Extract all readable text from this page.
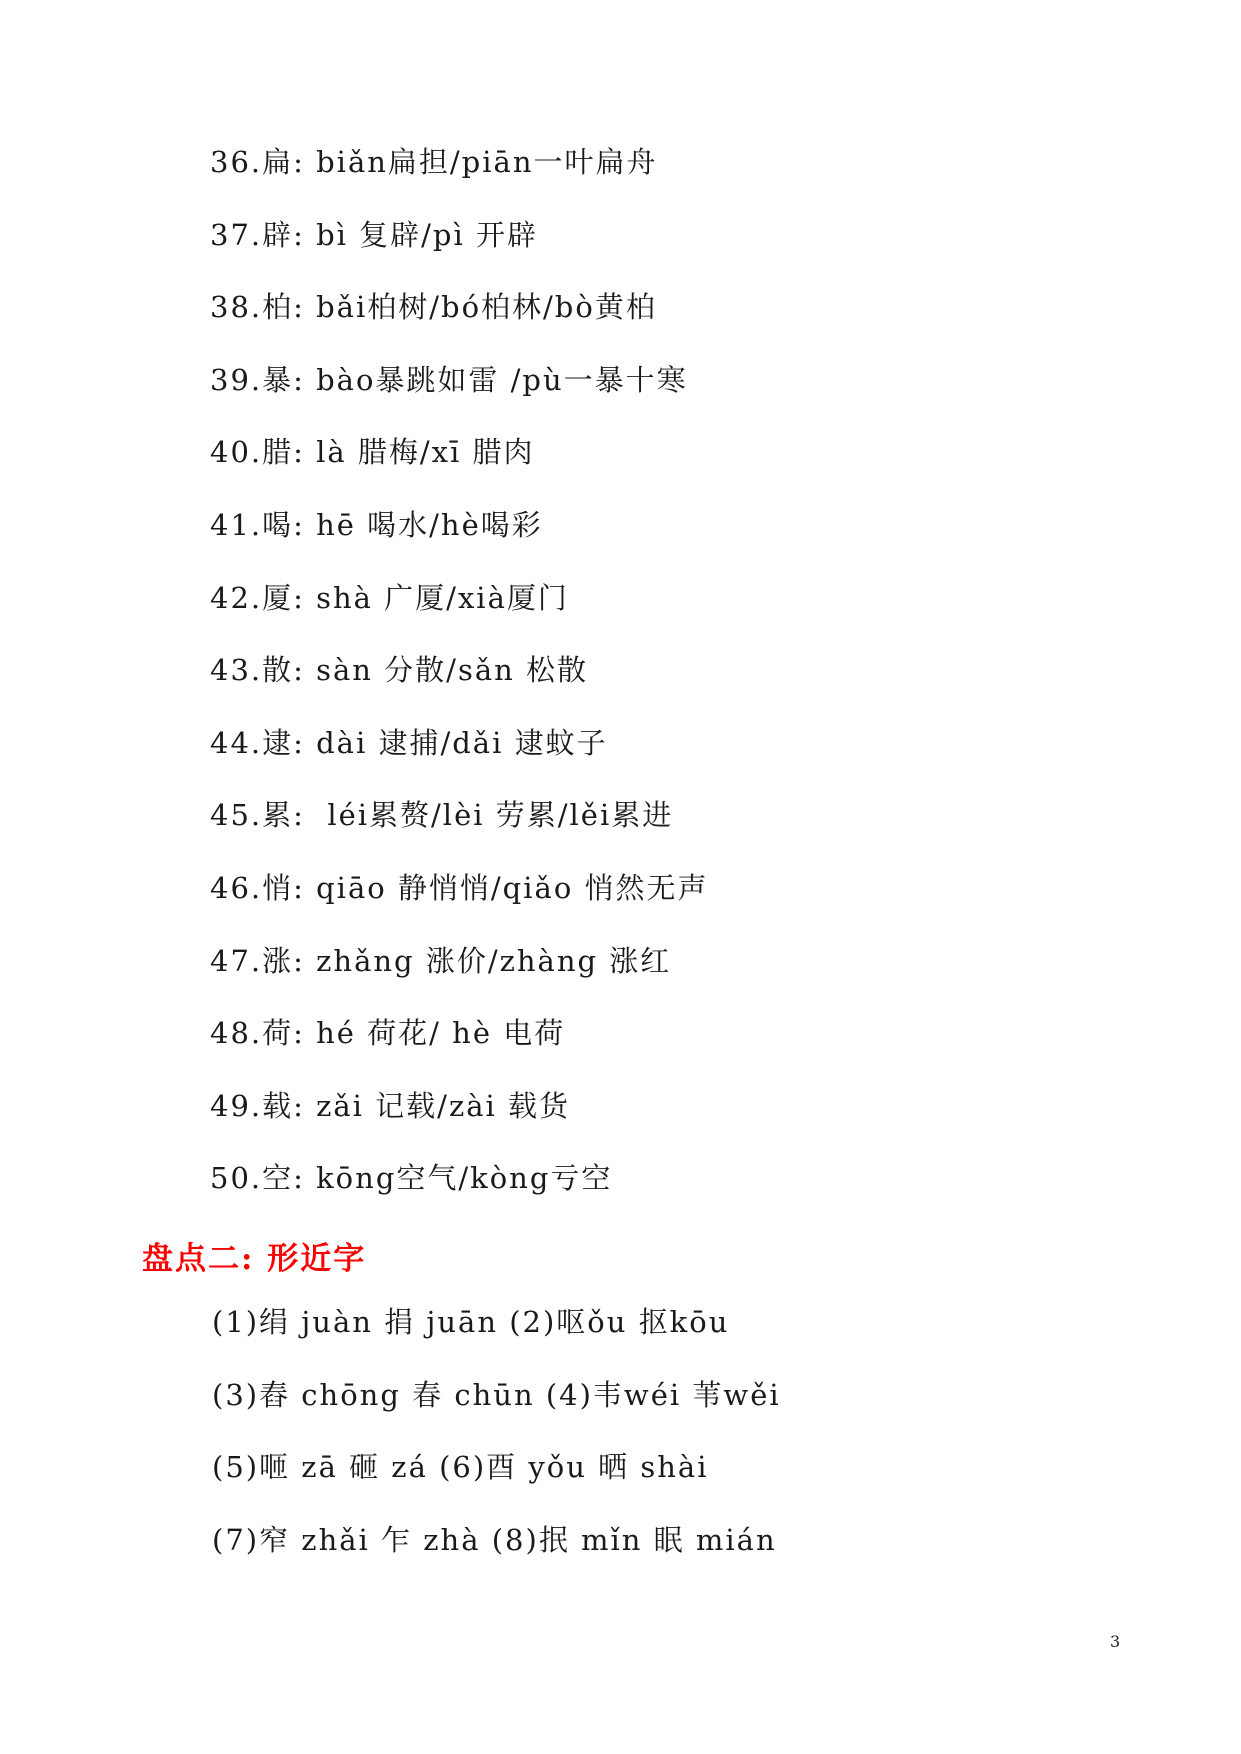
36.扁: biǎn扁担/piān一叶扁舟
37.辟: bì 复辟/pì 开辟
38.柏: bǎi柏树/bó柏林/bò黄柏
39.暴: bào暴跳如雷 /pù一暴十寒
40.腊: là 腊梅/xī 腊肉
41.喝: hē 喝水/hè喝彩
42.厦: shà 广厦/xià厦门
43.散: sàn 分散/sǎn 松散
44.逮: dài 逮捕/dǎi 逮蚊子
45.累:  léi累赘/lèi 劳累/lěi累进
46.悄: qiāo 静悄悄/qiǎo 悄然无声
47.涨: zhǎng 涨价/zhàng 涨红
48.荷: hé 荷花/ hè 电荷
49.载: zǎi 记载/zài 载货
50.空: kōng空气/kòng亏空
盘点二: 形近字
(1)绢 juàn 捐 juān (2)呕ǒu 抠kōu
(3)舂 chōng 春 chūn (4)韦wéi 苇wěi
(5)咂 zā 砸 zá (6)酉 yǒu 晒 shài
(7)窄 zhǎi 乍 zhà (8)抿 mǐn 眠 mián
3
